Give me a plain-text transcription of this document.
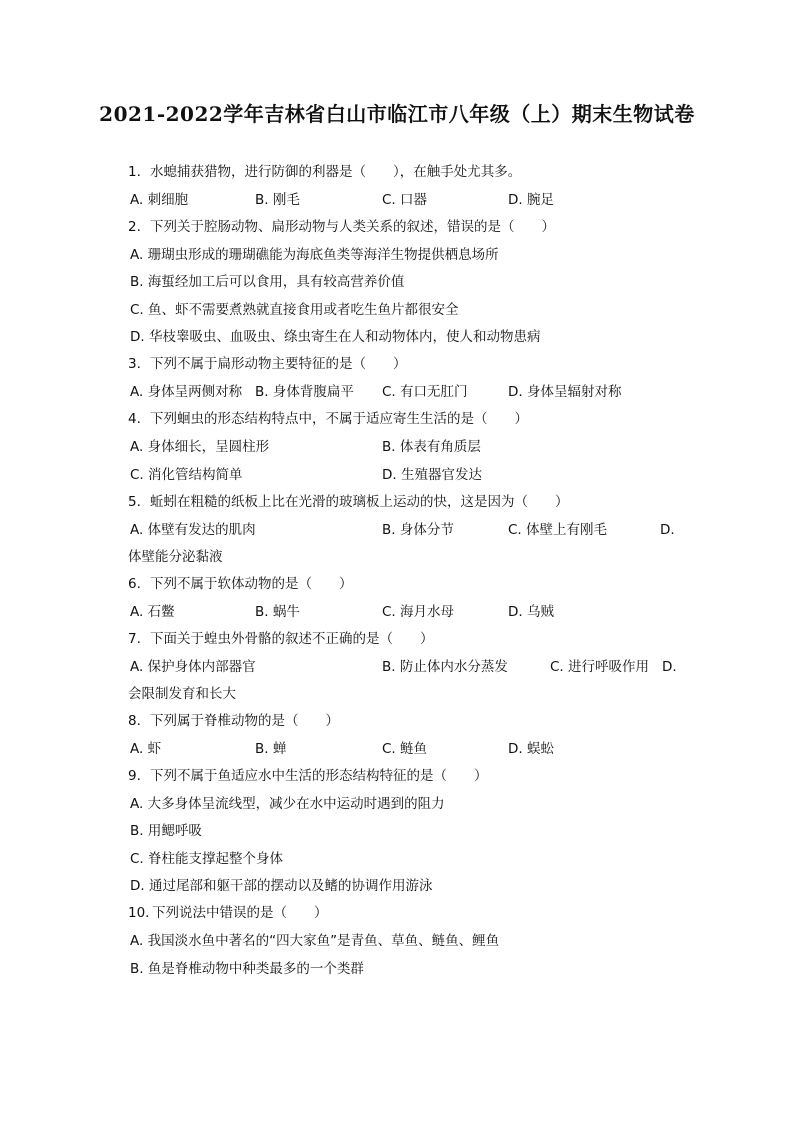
2021-2022学年吉林省白山市临江市八年级（上）期末生物试卷
1. 水螅捕获猎物，进行防御的利器是（　　），在触手处尤其多。
A. 刺细胞	B. 刚毛	C. 口器	D. 腕足
2. 下列关于腔肠动物、扁形动物与人类关系的叙述，错误的是（　　）
A. 珊瑚虫形成的珊瑚礁能为海底鱼类等海洋生物提供栖息场所
B. 海蜇经加工后可以食用，具有较高营养价值
C. 鱼、虾不需要煮熟就直接食用或者吃生鱼片都很安全
D. 华枝睾吸虫、血吸虫、绦虫寄生在人和动物体内，使人和动物患病
3. 下列不属于扁形动物主要特征的是（　　）
A. 身体呈两侧对称 B. 身体背腹扁平 C. 有口无肛门	D. 身体呈辐射对称
4. 下列蛔虫的形态结构特点中，不属于适应寄生生活的是（　　）
A. 身体细长，呈圆柱形	B. 体表有角质层
C. 消化管结构简单	D. 生殖器官发达
5. 蚯蚓在粗糙的纸板上比在光滑的玻璃板上运动的快，这是因为（　　）
A. 体壁有发达的肌肉	B. 身体分节	C. 体壁上有刚毛	D.
体壁能分泌黏液
6. 下列不属于软体动物的是（　　）
A. 石鳖	B. 蜗牛	C. 海月水母	D. 乌贼
7. 下面关于蝗虫外骨骼的叙述不正确的是（　　）
A. 保护身体内部器官	B. 防止体内水分蒸发	C. 进行呼吸作用 D.
会限制发育和长大
8. 下列属于脊椎动物的是（　　）
A. 虾	B. 蝉	C. 鲢鱼	D. 蜈蚣
9. 下列不属于鱼适应水中生活的形态结构特征的是（　　）
A. 大多身体呈流线型，减少在水中运动时遇到的阻力
B. 用鳃呼吸
C. 脊柱能支撑起整个身体
D. 通过尾部和躯干部的摆动以及鳍的协调作用游泳
10. 下列说法中错误的是（　　）
A. 我国淡水鱼中著名的“四大家鱼”是青鱼、草鱼、鲢鱼、鲤鱼
B. 鱼是脊椎动物中种类最多的一个类群
